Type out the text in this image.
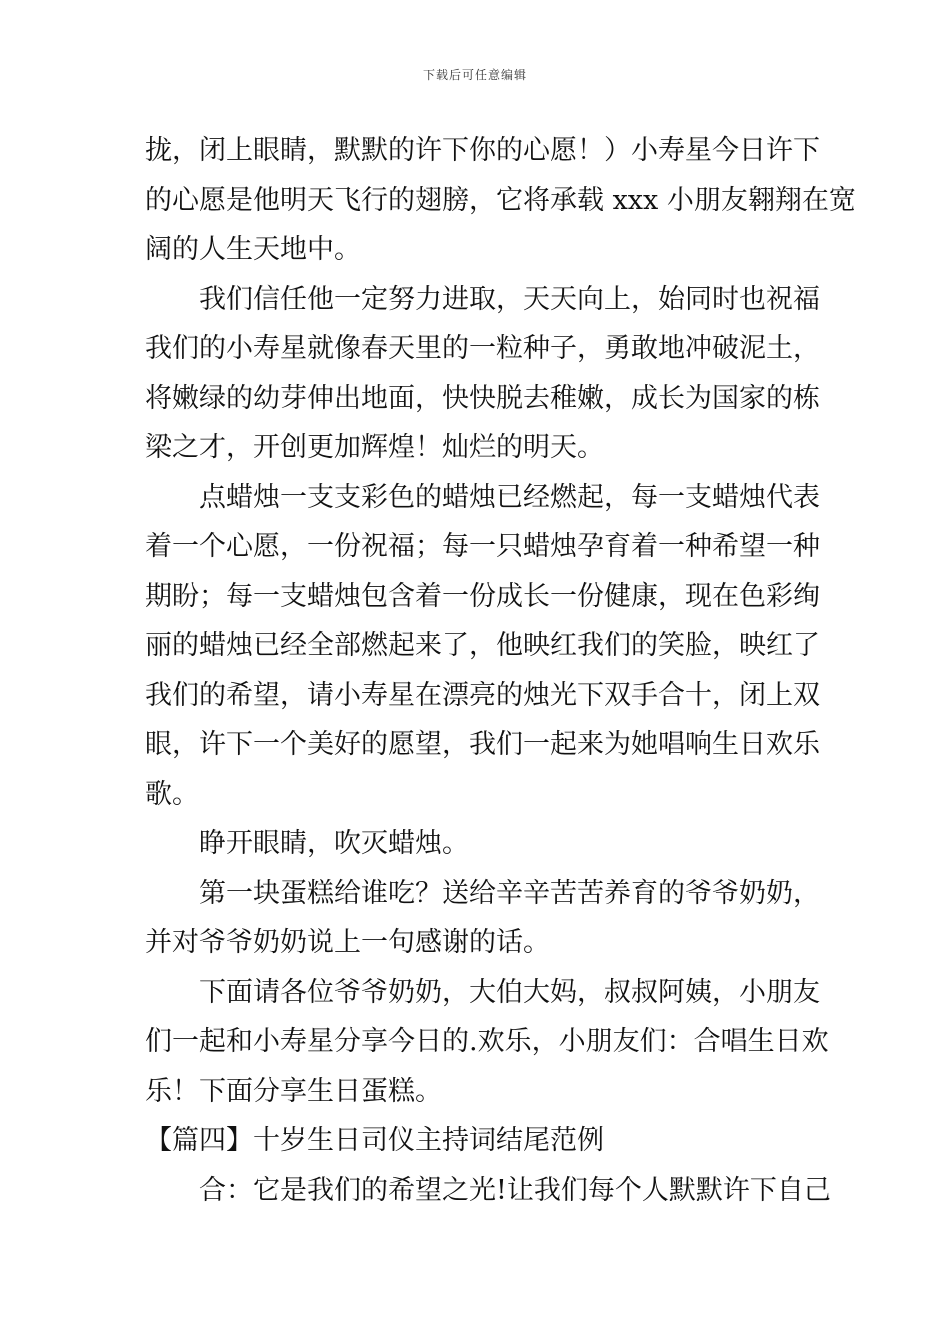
下载后可任意编辑
拢，闭上眼睛，默默的许下你的心愿！）小寿星今日许下
的心愿是他明天飞行的翅膀，它将承载 xxx 小朋友翱翔在宽
阔的人生天地中。
我们信任他一定努力进取，天天向上，始同时也祝福
我们的小寿星就像春天里的一粒种子，勇敢地冲破泥土，
将嫩绿的幼芽伸出地面，快快脱去稚嫩，成长为国家的栋
梁之才，开创更加辉煌！灿烂的明天。
点蜡烛一支支彩色的蜡烛已经燃起，每一支蜡烛代表
着一个心愿，一份祝福；每一只蜡烛孕育着一种希望一种
期盼；每一支蜡烛包含着一份成长一份健康，现在色彩绚
丽的蜡烛已经全部燃起来了，他映红我们的笑脸，映红了
我们的希望，请小寿星在漂亮的烛光下双手合十，闭上双
眼，许下一个美好的愿望，我们一起来为她唱响生日欢乐
歌。
睁开眼睛，吹灭蜡烛。
第一块蛋糕给谁吃？送给辛辛苦苦养育的爷爷奶奶，
并对爷爷奶奶说上一句感谢的话。
下面请各位爷爷奶奶，大伯大妈，叔叔阿姨，小朋友
们一起和小寿星分享今日的.欢乐，小朋友们：合唱生日欢
乐！下面分享生日蛋糕。
【篇四】十岁生日司仪主持词结尾范例
合：它是我们的希望之光!让我们每个人默默许下自己
